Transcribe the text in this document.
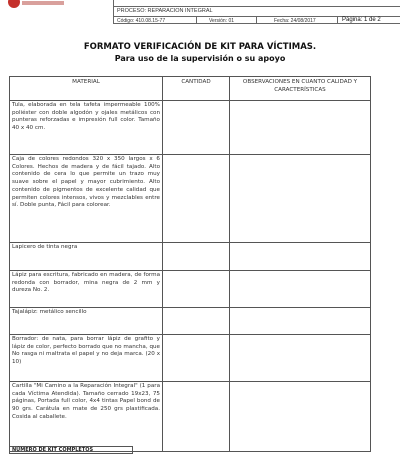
PROCESO: REPARACION INTEGRAL
Código: 410.08.15-77	Versión: 01	Fecha: 24/08/2017	Página: 1 de 2
FORMATO VERIFICACIÓN DE KIT PARA VÍCTIMAS.
Para uso de la supervisión o su apoyo
MATERIAL	CANTIDAD	OBSERVACIONES EN CUANTO CALIDAD Y CARACTERÍSTICAS
Tula, elaborada en tela tafeta impermeable 100% poliéster con doble algodón y ojales metálicos con punteras reforzadas e impresión full color. Tamaño 40 x 40 cm.		
Caja de colores redondos 320 x 350 largos x 6 Colores. Hechos de madera y de fácil tajado. Alto contenido de cera lo que permite un trazo muy suave sobre el papel y mayor cubrimiento. Alto contenido de pigmentos de excelente calidad que permiten colores intensos, vivos y mezclables entre sí. Doble punta, Fácil para colorear.		
Lapicero de tinta negra		
Lápiz para escritura, fabricado en madera, de forma redonda con borrador, mina negra de 2 mm y dureza No. 2.		
Tajalápiz: metálico sencillo		
Borrador: de nata, para borrar lápiz de grafito y lápiz de color, perfecto borrado que no mancha, que No rasga ni maltrata el papel y no deja marca. (20 x 10)		
Cartilla "Mi Camino a la Reparación Integral" (1 para cada Víctima Atendida). Tamaño cerrado 19x23, 75 páginas, Portada full color, 4x4 tintas Papel bond de 90 grs. Carátula en mate de 250 grs plastificada. Cosida al caballete.		
NÚMERO DE KIT COMPLETOS
